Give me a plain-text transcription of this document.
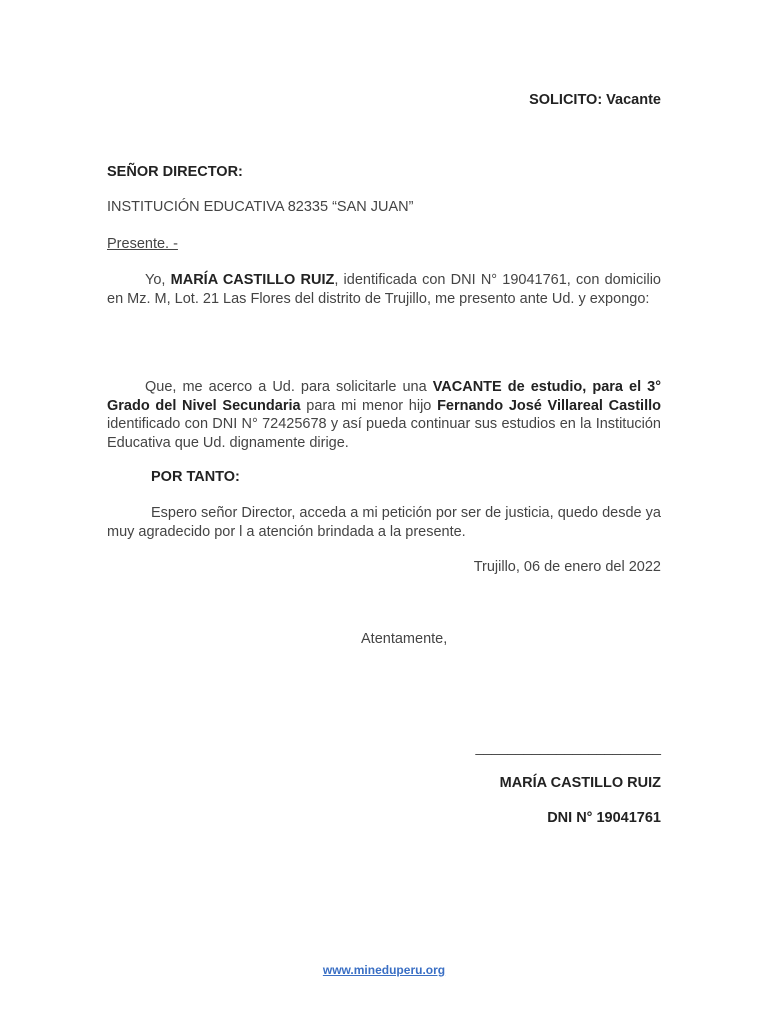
SOLICITO: Vacante
SEÑOR DIRECTOR:
INSTITUCIÓN EDUCATIVA 82335 “SAN JUAN”
Presente. -
Yo, MARÍA CASTILLO RUIZ, identificada con DNI N° 19041761, con domicilio en Mz. M, Lot. 21 Las Flores del distrito de Trujillo, me presento ante Ud. y expongo:
Que, me acerco a Ud. para solicitarle una VACANTE de estudio, para el 3° Grado del Nivel Secundaria para mi menor hijo Fernando José Villareal Castillo identificado con DNI N° 72425678 y así pueda continuar sus estudios en la Institución Educativa que Ud. dignamente dirige.
POR TANTO:
Espero señor Director, acceda a mi petición por ser de justicia, quedo desde ya muy agradecido por l a atención brindada a la presente.
Trujillo, 06 de enero del 2022
Atentamente,
_______________________
MARÍA CASTILLO RUIZ
DNI N° 19041761
www.mineduperu.org
